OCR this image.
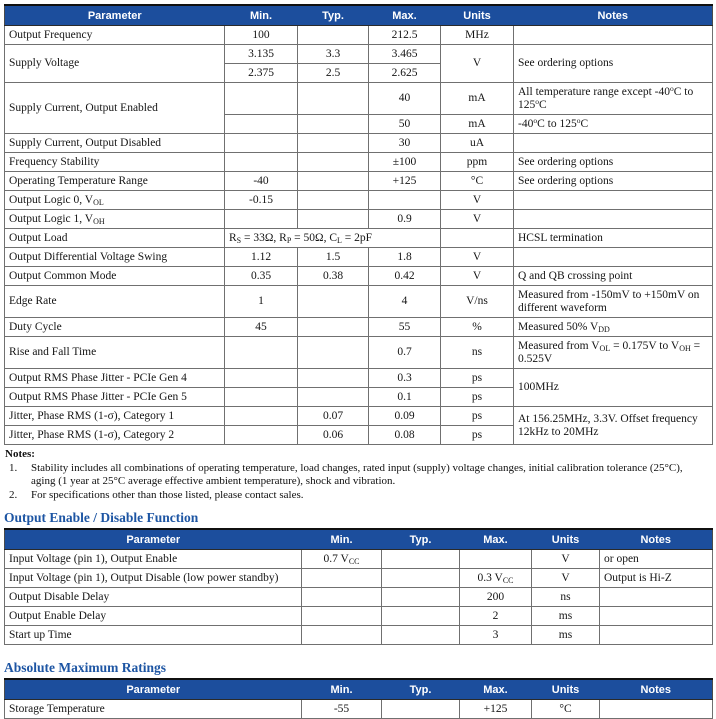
Parameter	Min.	Typ.	Max.	Units	Notes
Output Frequency	100		212.5	MHz	
Supply Voltage	3.135	3.3	3.465	V	See ordering options
	2.375	2.5	2.625		
Supply Current, Output Enabled			40	mA	All temperature range except -40$^o$C to 125$^o$C
			50	mA	-40$^o$C to 125$^o$C
Supply Current, Output Disabled			30	uA	
Frequency Stability			±100	ppm	See ordering options
Operating Temperature Range	-40		+125	°C	See ordering options
Output Logic 0, $V_{OL}$	-0.15			V	
Output Logic 1, $V_{OH}$			0.9	V	
Output Load	$R_S = 33\Omega$, $R_P = 50\Omega$, $C_L = 2pF$				HCSL termination
Output Differential Voltage Swing	1.12	1.5	1.8	V	
Output Common Mode	0.35	0.38	0.42	V	Q and QB crossing point
Edge Rate	1		4	V/ns	Measured from -150mV to +150mV on different waveform
Duty Cycle	45		55	%	Measured 50% $V_{DD}$
Rise and Fall Time			0.7	ns	Measured from $V_{OL} = 0.175V$ to $V_{OH} = 0.525V$
Output RMS Phase Jitter - PCIe Gen 4			0.3	ps	100MHz
Output RMS Phase Jitter - PCIe Gen 5			0.1	ps	
Jitter, Phase RMS (1-σ), Category 1		0.07	0.09	ps	At 156.25MHz, 3.3V. Offset frequency 12kHz to 20MHz
Jitter, Phase RMS (1-σ), Category 2		0.06	0.08	ps	
Notes:
1.	Stability includes all combinations of operating temperature, load changes, rated input (supply) voltage changes, initial calibration tolerance (25°C), aging (1 year at 25°C average effective ambient temperature), shock and vibration.
2.	For specifications other than those listed, please contact sales.
Output Enable / Disable Function
Parameter	Min.	Typ.	Max.	Units	Notes
Input Voltage (pin 1), Output Enable	0.7 $V_{CC}$			V	or open
Input Voltage (pin 1), Output Disable (low power standby)			0.3 $V_{CC}$	V	Output is Hi-Z
Output Disable Delay			200	ns	
Output Enable Delay			2	ms	
Start up Time			3	ms	
Absolute Maximum Ratings
Parameter	Min.	Typ.	Max.	Units	Notes
Storage Temperature	-55		+125	°C	
